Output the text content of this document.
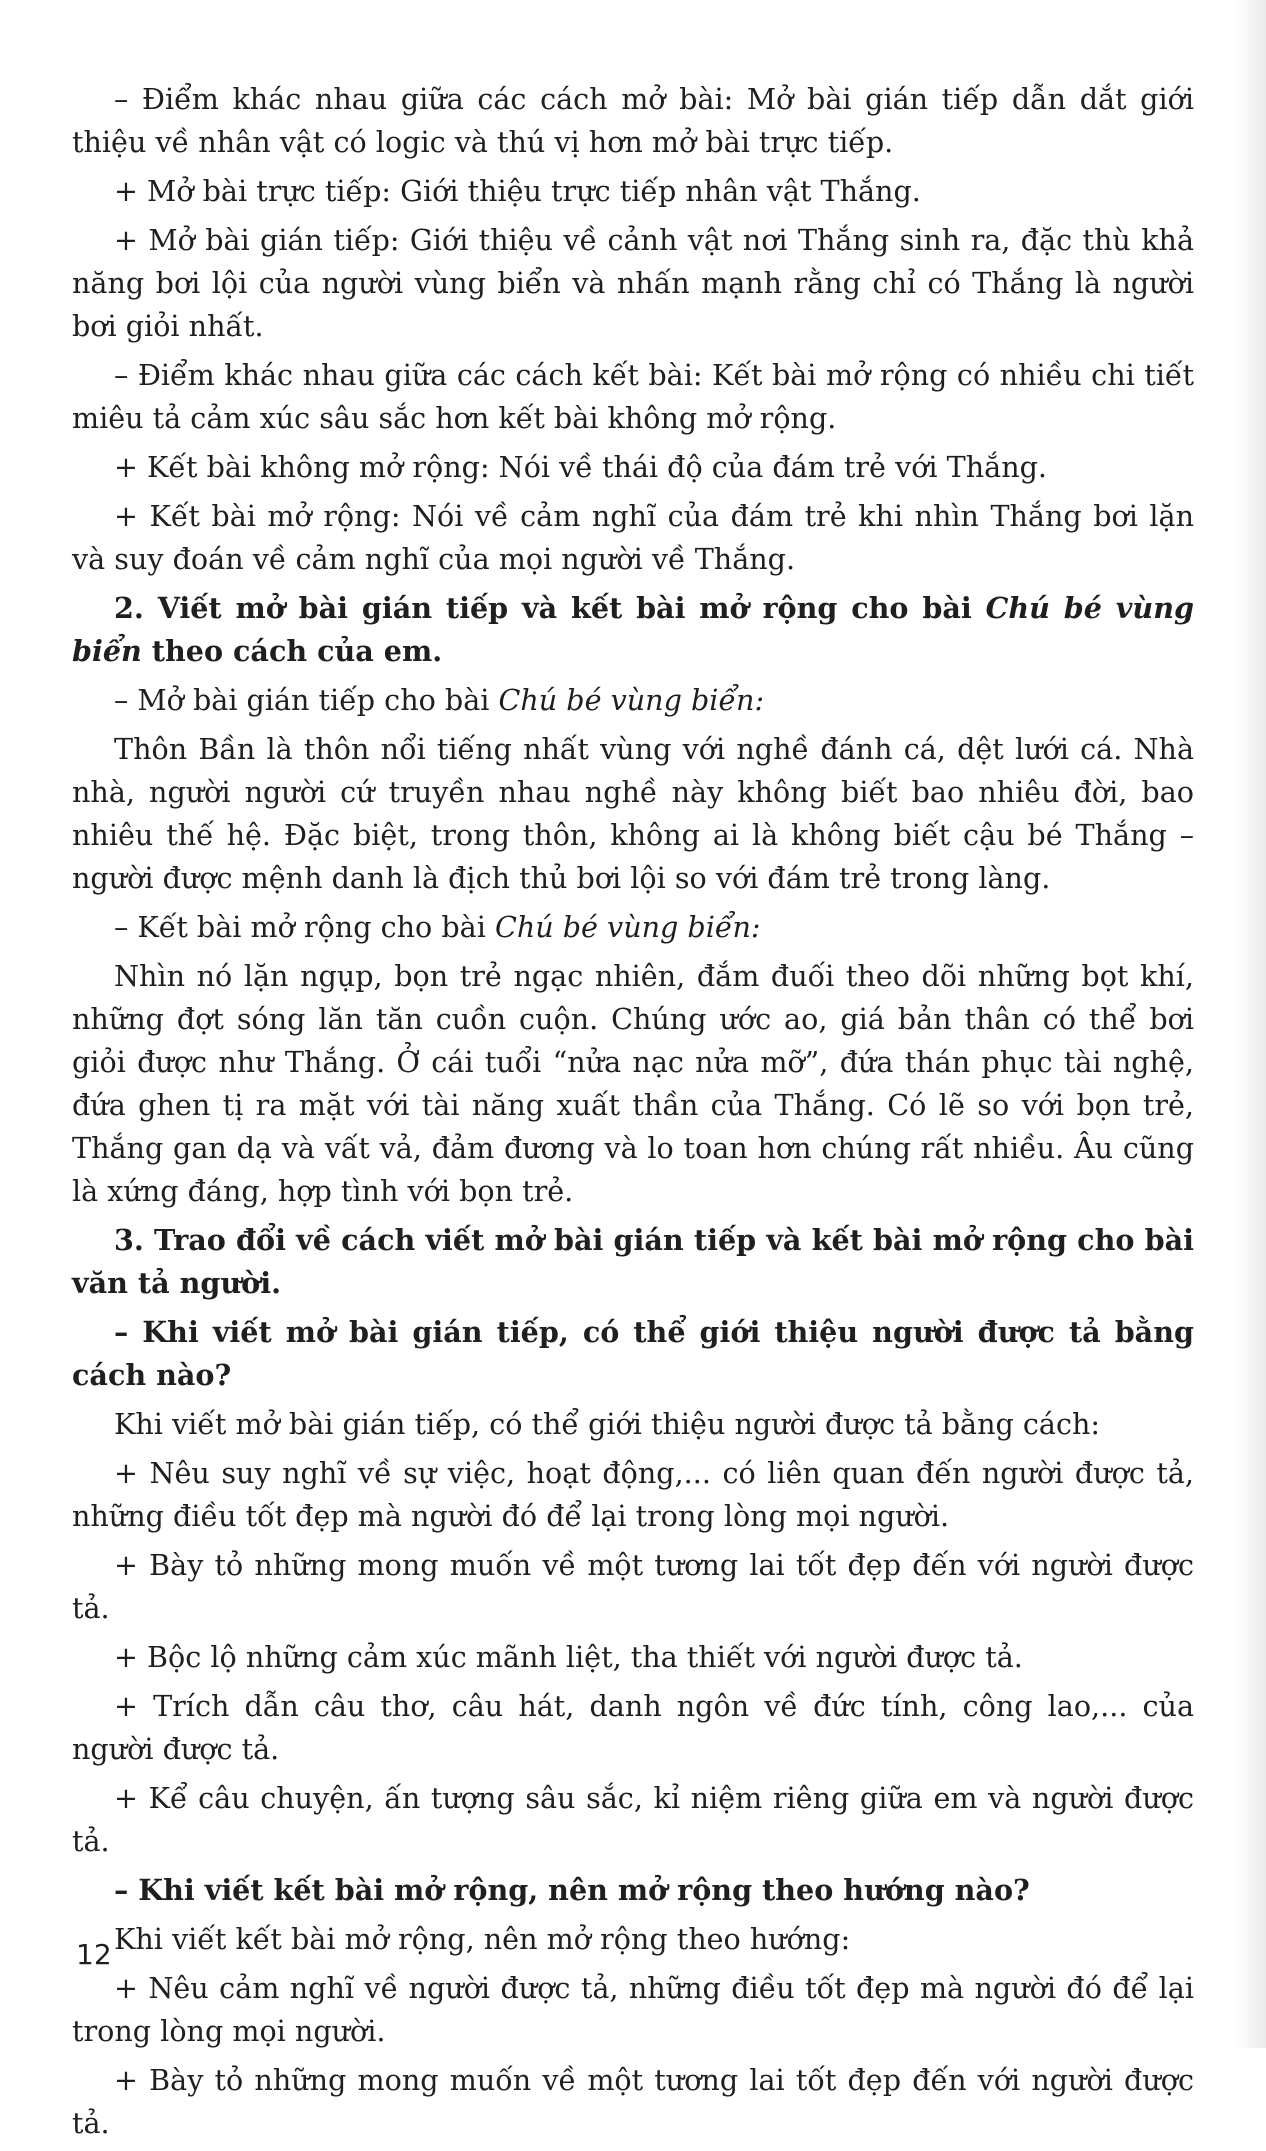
– Điểm khác nhau giữa các cách mở bài: Mở bài gián tiếp dẫn dắt giới thiệu về nhân vật có logic và thú vị hơn mở bài trực tiếp.

+ Mở bài trực tiếp: Giới thiệu trực tiếp nhân vật Thắng.

+ Mở bài gián tiếp: Giới thiệu về cảnh vật nơi Thắng sinh ra, đặc thù khả năng bơi lội của người vùng biển và nhấn mạnh rằng chỉ có Thắng là người bơi giỏi nhất.

– Điểm khác nhau giữa các cách kết bài: Kết bài mở rộng có nhiều chi tiết miêu tả cảm xúc sâu sắc hơn kết bài không mở rộng.

+ Kết bài không mở rộng: Nói về thái độ của đám trẻ với Thắng.

+ Kết bài mở rộng: Nói về cảm nghĩ của đám trẻ khi nhìn Thắng bơi lặn và suy đoán về cảm nghĩ của mọi người về Thắng.

2. Viết mở bài gián tiếp và kết bài mở rộng cho bài Chú bé vùng biển theo cách của em.

– Mở bài gián tiếp cho bài Chú bé vùng biển:

Thôn Bần là thôn nổi tiếng nhất vùng với nghề đánh cá, dệt lưới cá. Nhà nhà, người người cứ truyền nhau nghề này không biết bao nhiêu đời, bao nhiêu thế hệ. Đặc biệt, trong thôn, không ai là không biết cậu bé Thắng – người được mệnh danh là địch thủ bơi lội so với đám trẻ trong làng.

– Kết bài mở rộng cho bài Chú bé vùng biển:

Nhìn nó lặn ngụp, bọn trẻ ngạc nhiên, đắm đuối theo dõi những bọt khí, những đợt sóng lăn tăn cuồn cuộn. Chúng ước ao, giá bản thân có thể bơi giỏi được như Thắng. Ở cái tuổi “nửa nạc nửa mỡ”, đứa thán phục tài nghệ, đứa ghen tị ra mặt với tài năng xuất thần của Thắng. Có lẽ so với bọn trẻ, Thắng gan dạ và vất vả, đảm đương và lo toan hơn chúng rất nhiều. Âu cũng là xứng đáng, hợp tình với bọn trẻ.

3. Trao đổi về cách viết mở bài gián tiếp và kết bài mở rộng cho bài văn tả người.

– Khi viết mở bài gián tiếp, có thể giới thiệu người được tả bằng cách nào?

Khi viết mở bài gián tiếp, có thể giới thiệu người được tả bằng cách:

+ Nêu suy nghĩ về sự việc, hoạt động,... có liên quan đến người được tả, những điều tốt đẹp mà người đó để lại trong lòng mọi người.

+ Bày tỏ những mong muốn về một tương lai tốt đẹp đến với người được tả.

+ Bộc lộ những cảm xúc mãnh liệt, tha thiết với người được tả.

+ Trích dẫn câu thơ, câu hát, danh ngôn về đức tính, công lao,... của người được tả.

+ Kể câu chuyện, ấn tượng sâu sắc, kỉ niệm riêng giữa em và người được tả.

– Khi viết kết bài mở rộng, nên mở rộng theo hướng nào?

Khi viết kết bài mở rộng, nên mở rộng theo hướng:

+ Nêu cảm nghĩ về người được tả, những điều tốt đẹp mà người đó để lại trong lòng mọi người.

+ Bày tỏ những mong muốn về một tương lai tốt đẹp đến với người được tả.

12
